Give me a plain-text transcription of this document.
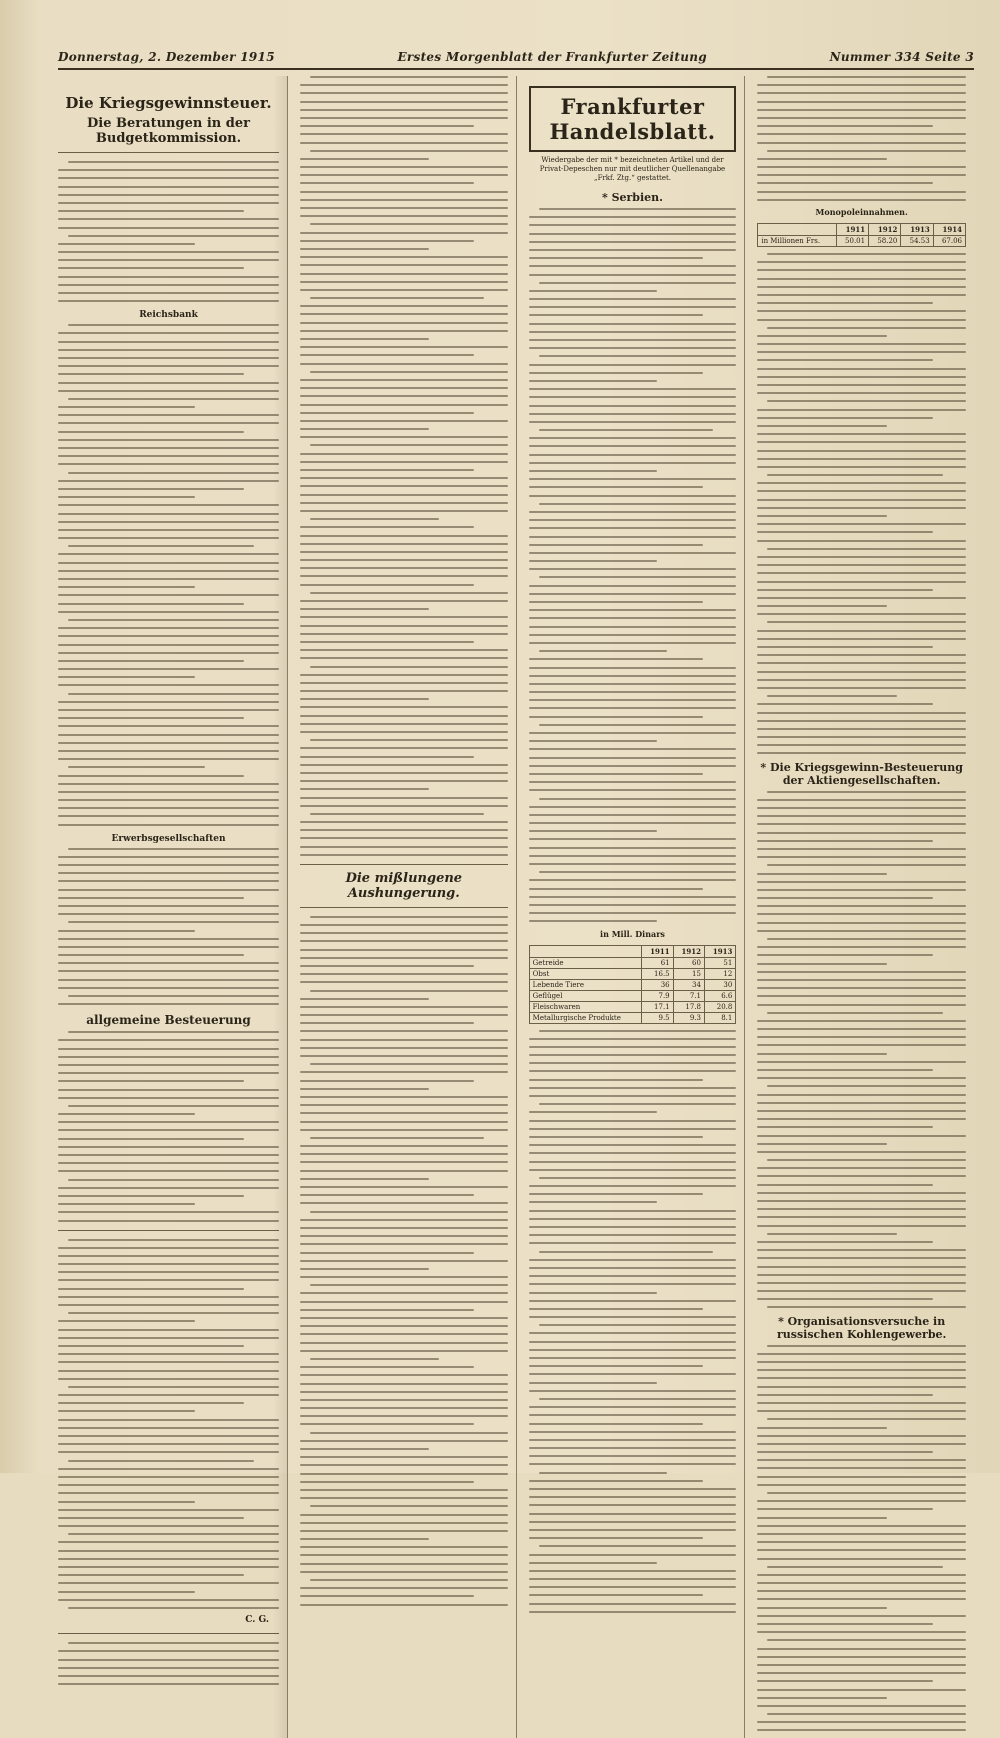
Donnerstag, 2. Dezember 1915	Erstes Morgenblatt der Frankfurter Zeitung	Nummer 334 Seite 3
Die Kriegsgewinnsteuer.
Die Beratungen in der Budgetkommission.
Reichsbank
Erwerbsgesellschaften
allgemeine Besteuerung
C. G.
Die mißlungene Aushungerung.
Frankfurter Handelsblatt.
Wiedergabe der mit * bezeichneten Artikel und der Privat-Depeschen nur mit deutlicher Quellenangabe „Frkf. Ztg.“ gestattet.
* Serbien.
in Mill. Dinars
	1911	1912	1913
Getreide	61	60	51
Obst	16.5	15	12
Lebende Tiere	36	34	30
Geflügel	7.9	7.1	6.6
Fleischwaren	17.1	17.8	20.8
Metallurgische Produkte	9.5	9.3	8.1
Monopoleinnahmen.
	1911	1912	1913	1914
in Millionen Frs.	50.01	58.20	54.53	67.06
* Die Kriegsgewinn-Besteuerung der Aktiengesellschaften.
* Organisationsversuche in russischen Kohlengewerbe.
